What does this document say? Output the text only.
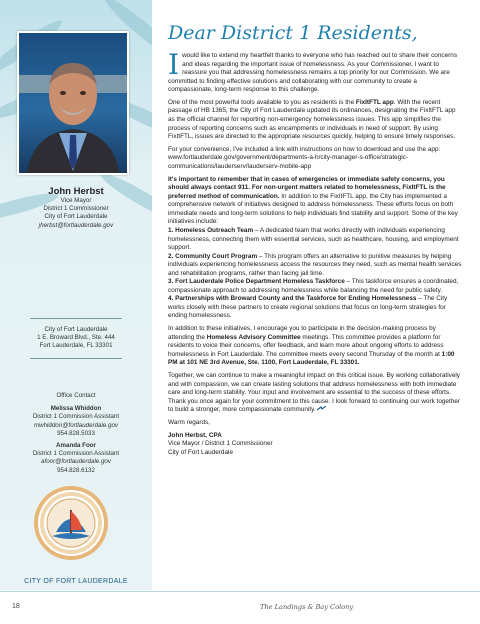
John Herbst
Vice Mayor
District 1 Commissioner
City of Fort Lauderdale
jherbst@fortlauderdale.gov
City of Fort Lauderdale
1 E. Broward Blvd., Ste. 444
Fort Lauderdale, FL 33301
Office Contact
Melissa Whiddon
District 1 Commission Assistant
mwhiddon@fortlauderdale.gov
954.828.5033
Amanda Foor
District 1 Commission Assistant
afoor@fortlauderdale.gov
954.828.6132
CITY OF FORT LAUDERDALE
Dear District 1 Residents,

Iwould like to extend my heartfelt thanks to everyone who has reached out to share their concerns and ideas regarding the important issue of homelessness. As your Commissioner, I want to reassure you that addressing homelessness remains a top priority for our Commission. We are committed to finding effective solutions and collaborating with our community to create a compassionate, long-term response to this challenge.

One of the most powerful tools available to you as residents is the FixItFTL app. With the recent passage of HB 1365, the City of Fort Lauderdale updated its ordinances, designating the FixItFTL app as the official channel for reporting non-emergency homelessness issues. This app simplifies the process of reporting concerns such as encampments or individuals in need of support. By using FixItFTL, issues are directed to the appropriate resources quickly, helping to ensure timely responses.

For your convenience, I've included a link with instructions on how to download and use the app: www.fortlauderdale.gov/government/departments-a-h/city-manager-s-office/strategic-communications/lauderserv/lauderserv-mobile-app

It's important to remember that in cases of emergencies or immediate safety concerns, you should always contact 911. For non-urgent matters related to homelessness, FixItFTL is the preferred method of communication. In addition to the FixItFTL app, the City has implemented a comprehensive network of initiatives designed to address homelessness. These efforts focus on both immediate needs and long-term solutions to help individuals find stability and support. Some of the key initiatives include:

1. Homeless Outreach Team – A dedicated team that works directly with individuals experiencing homelessness, connecting them with essential services, such as healthcare, housing, and employment support.
2. Community Court Program – This program offers an alternative to punitive measures by helping individuals experiencing homelessness access the resources they need, such as mental health services and rehabilitation programs, rather than facing jail time.
3. Fort Lauderdale Police Department Homeless Taskforce – This taskforce ensures a coordinated, compassionate approach to addressing homelessness while balancing the need for public safety.
4. Partnerships with Broward County and the Taskforce for Ending Homelessness – The City works closely with these partners to create regional solutions that focus on long-term strategies for ending homelessness.

In addition to these initiatives, I encourage you to participate in the decision-making process by attending the Homeless Advisory Committee meetings. This committee provides a platform for residents to voice their concerns, offer feedback, and learn more about ongoing efforts to address homelessness in Fort Lauderdale. The committee meets every second Thursday of the month at 1:00 PM at 101 NE 3rd Avenue, Ste. 1100, Fort Lauderdale, FL 33301.

Together, we can continue to make a meaningful impact on this critical issue. By working collaboratively and with compassion, we can create lasting solutions that address homelessness with both immediate care and long-term stability. Your input and involvement are essential to the success of these efforts. Thank you once again for your commitment to this cause. I look forward to continuing our work together to build a stronger, more compassionate community.

Warm regards,

John Herbst, CPA
Vice Mayor / District 1 Commissioner
City of Fort Lauderdale
18	The Landings & Bay Colony
